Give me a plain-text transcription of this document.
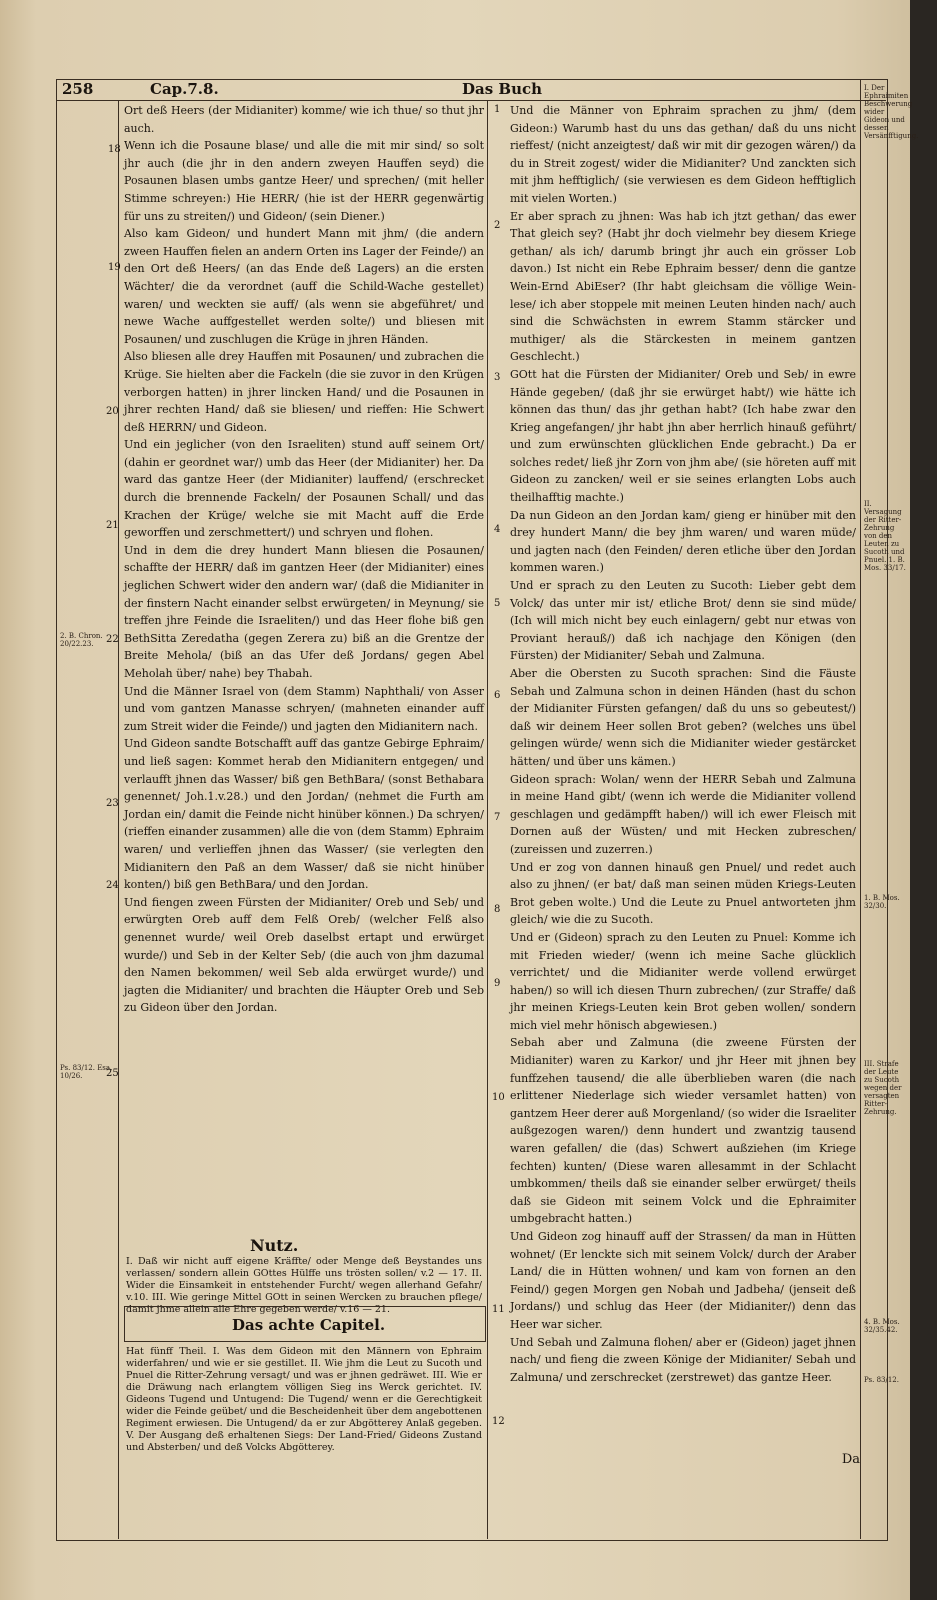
258	Cap.7.8.	Das Buch

Ort deß Heers (der Midianiter) komme/ wie ich thue/ so thut jhr auch.

Wenn ich die Posaune blase/ und alle die mit mir sind/ so solt jhr auch (die jhr in den andern zweyen Hauffen seyd) die Posaunen blasen umbs gantze Heer/ und sprechen/ (mit heller Stimme schreyen:) Hie HERR/ (hie ist der HERR gegenwärtig für uns zu streiten/) und Gideon/ (sein Diener.)

Also kam Gideon/ und hundert Mann mit jhm/ (die andern zween Hauffen fielen an andern Orten ins Lager der Feinde/) an den Ort deß Heers/ (an das Ende deß Lagers) an die ersten Wächter/ die da verordnet (auff die Schild-Wache gestellet) waren/ und weckten sie auff/ (als wenn sie abgeführet/ und newe Wache auffgestellet werden solte/) und bliesen mit Posaunen/ und zuschlugen die Krüge in jhren Händen.

Also bliesen alle drey Hauffen mit Posaunen/ und zubrachen die Krüge. Sie hielten aber die Fackeln (die sie zuvor in den Krügen verborgen hatten) in jhrer lincken Hand/ und die Posaunen in jhrer rechten Hand/ daß sie bliesen/ und rieffen: Hie Schwert deß HERRN/ und Gideon.

Und ein jeglicher (von den Israeliten) stund auff seinem Ort/ (dahin er geordnet war/) umb das Heer (der Midianiter) her. Da ward das gantze Heer (der Midianiter) lauffend/ (erschrecket durch die brennende Fackeln/ der Posaunen Schall/ und das Krachen der Krüge/ welche sie mit Macht auff die Erde geworffen und zerschmettert/) und schryen und flohen.

Und in dem die drey hundert Mann bliesen die Posaunen/ schaffte der HERR/ daß im gantzen Heer (der Midianiter) eines jeglichen Schwert wider den andern war/ (daß die Midianiter in der finstern Nacht einander selbst erwürgeten/ in Meynung/ sie treffen jhre Feinde die Israeliten/) und das Heer flohe biß gen BethSitta Zeredatha (gegen Zerera zu) biß an die Grentze der Breite Mehola/ (biß an das Ufer deß Jordans/ gegen Abel Meholah über/ nahe) bey Thabah.

Und die Männer Israel von (dem Stamm) Naphthali/ von Asser und vom gantzen Manasse schryen/ (mahneten einander auff zum Streit wider die Feinde/) und jagten den Midianitern nach.

Und Gideon sandte Botschafft auff das gantze Gebirge Ephraim/ und ließ sagen: Kommet herab den Midianitern entgegen/ und verlaufft jhnen das Wasser/ biß gen BethBara/ (sonst Bethabara genennet/ Joh.1.v.28.) und den Jordan/ (nehmet die Furth am Jordan ein/ damit die Feinde nicht hinüber können.) Da schryen/ (rieffen einander zusammen) alle die von (dem Stamm) Ephraim waren/ und verlieffen jhnen das Wasser/ (sie verlegten den Midianitern den Paß an dem Wasser/ daß sie nicht hinüber konten/) biß gen BethBara/ und den Jordan.

Und fiengen zween Fürsten der Midianiter/ Oreb und Seb/ und erwürgten Oreb auff dem Felß Oreb/ (welcher Felß also genennet wurde/ weil Oreb daselbst ertapt und erwürget wurde/) und Seb in der Kelter Seb/ (die auch von jhm dazumal den Namen bekommen/ weil Seb alda erwürget wurde/) und jagten die Midianiter/ und brachten die Häupter Oreb und Seb zu Gideon über den Jordan.

18
19
20
21
22
23
24
25
2. B. Chron. 20/22.23.
Ps. 83/12. Esa. 10/26.
Nutz.
I. Daß wir nicht auff eigene Kräffte/ oder Menge deß Beystandes uns verlassen/ sondern allein GOttes Hülffe uns trösten sollen/ v.2 — 17. II. Wider die Einsamkeit in entstehender Furcht/ wegen allerhand Gefahr/ v.10. III. Wie geringe Mittel GOtt in seinen Wercken zu brauchen pflege/ damit jhme allein alle Ehre gegeben werde/ v.16 — 21.
Das achte Capitel.
Hat fünff Theil. I. Was dem Gideon mit den Männern von Ephraim widerfahren/ und wie er sie gestillet. II. Wie jhm die Leut zu Sucoth und Pnuel die Ritter-Zehrung versagt/ und was er jhnen gedräwet. III. Wie er die Dräwung nach erlangtem völligen Sieg ins Werck gerichtet. IV. Gideons Tugend und Untugend: Die Tugend/ wenn er die Gerechtigkeit wider die Feinde geübet/ und die Bescheidenheit über dem angebottenen Regiment erwiesen. Die Untugend/ da er zur Abgötterey Anlaß gegeben. V. Der Ausgang deß erhaltenen Siegs: Der Land-Fried/ Gideons Zustand und Absterben/ und deß Volcks Abgötterey.

Und die Männer von Ephraim sprachen zu jhm/ (dem Gideon:) Warumb hast du uns das gethan/ daß du uns nicht rieffest/ (nicht anzeigtest/ daß wir mit dir gezogen wären/) da du in Streit zogest/ wider die Midianiter? Und zanckten sich mit jhm hefftiglich/ (sie verwiesen es dem Gideon hefftiglich mit vielen Worten.)

Er aber sprach zu jhnen: Was hab ich jtzt gethan/ das ewer That gleich sey? (Habt jhr doch vielmehr bey diesem Kriege gethan/ als ich/ darumb bringt jhr auch ein grösser Lob davon.) Ist nicht ein Rebe Ephraim besser/ denn die gantze Wein-Ernd AbiEser? (Ihr habt gleichsam die völlige Wein-lese/ ich aber stoppele mit meinen Leuten hinden nach/ auch sind die Schwächsten in ewrem Stamm stärcker und muthiger/ als die Stärckesten in meinem gantzen Geschlecht.)

GOtt hat die Fürsten der Midianiter/ Oreb und Seb/ in ewre Hände gegeben/ (daß jhr sie erwürget habt/) wie hätte ich können das thun/ das jhr gethan habt? (Ich habe zwar den Krieg angefangen/ jhr habt jhn aber herrlich hinauß geführt/ und zum erwünschten glücklichen Ende gebracht.) Da er solches redet/ ließ jhr Zorn von jhm abe/ (sie höreten auff mit Gideon zu zancken/ weil er sie seines erlangten Lobs auch theilhafftig machte.)

Da nun Gideon an den Jordan kam/ gieng er hinüber mit den drey hundert Mann/ die bey jhm waren/ und waren müde/ und jagten nach (den Feinden/ deren etliche über den Jordan kommen waren.)

Und er sprach zu den Leuten zu Sucoth: Lieber gebt dem Volck/ das unter mir ist/ etliche Brot/ denn sie sind müde/ (Ich will mich nicht bey euch einlagern/ gebt nur etwas von Proviant herauß/) daß ich nachjage den Königen (den Fürsten) der Midianiter/ Sebah und Zalmuna.

Aber die Obersten zu Sucoth sprachen: Sind die Fäuste Sebah und Zalmuna schon in deinen Händen (hast du schon der Midianiter Fürsten gefangen/ daß du uns so gebeutest/) daß wir deinem Heer sollen Brot geben? (welches uns übel gelingen würde/ wenn sich die Midianiter wieder gestärcket hätten/ und über uns kämen.)

Gideon sprach: Wolan/ wenn der HERR Sebah und Zalmuna in meine Hand gibt/ (wenn ich werde die Midianiter vollend geschlagen und gedämpfft haben/) will ich ewer Fleisch mit Dornen auß der Wüsten/ und mit Hecken zubreschen/ (zureissen und zuzerren.)

Und er zog von dannen hinauß gen Pnuel/ und redet auch also zu jhnen/ (er bat/ daß man seinen müden Kriegs-Leuten Brot geben wolte.) Und die Leute zu Pnuel antworteten jhm gleich/ wie die zu Sucoth.

Und er (Gideon) sprach zu den Leuten zu Pnuel: Komme ich mit Frieden wieder/ (wenn ich meine Sache glücklich verrichtet/ und die Midianiter werde vollend erwürget haben/) so will ich diesen Thurn zubrechen/ (zur Straffe/ daß jhr meinen Kriegs-Leuten kein Brot geben wollen/ sondern mich viel mehr hönisch abgewiesen.)

Sebah aber und Zalmuna (die zweene Fürsten der Midianiter) waren zu Karkor/ und jhr Heer mit jhnen bey funffzehen tausend/ die alle überblieben waren (die nach erlittener Niederlage sich wieder versamlet hatten) von gantzem Heer derer auß Morgenland/ (so wider die Israeliter außgezogen waren/) denn hundert und zwantzig tausend waren gefallen/ die (das) Schwert außziehen (im Kriege fechten) kunten/ (Diese waren allesammt in der Schlacht umbkommen/ theils daß sie einander selber erwürget/ theils daß sie Gideon mit seinem Volck und die Ephraimiter umbgebracht hatten.)

Und Gideon zog hinauff auff der Strassen/ da man in Hütten wohnet/ (Er lenckte sich mit seinem Volck/ durch der Araber Land/ die in Hütten wohnen/ und kam von fornen an den Feind/) gegen Morgen gen Nobah und Jadbeha/ (jenseit deß Jordans/) und schlug das Heer (der Midianiter/) denn das Heer war sicher.

Und Sebah und Zalmuna flohen/ aber er (Gideon) jaget jhnen nach/ und fieng die zween Könige der Midianiter/ Sebah und Zalmuna/ und zerschrecket (zerstrewet) das gantze Heer.

1
2
3
4
5
6
7
8
9
10
11
12
I. Der Ephraimiten Beschwerung wider Gideon und dessen Versänfftigung.
II. Versagung der Ritter-Zehrung von den Leuten zu Sucoth und Pnuel. 1. B. Mos. 33/17.
1. B. Mos. 32/30.
III. Strafe der Leute zu Sucoth wegen der versagten Ritter-Zehrung.
4. B. Mos. 32/35.42.
Ps. 83/12.
Da
